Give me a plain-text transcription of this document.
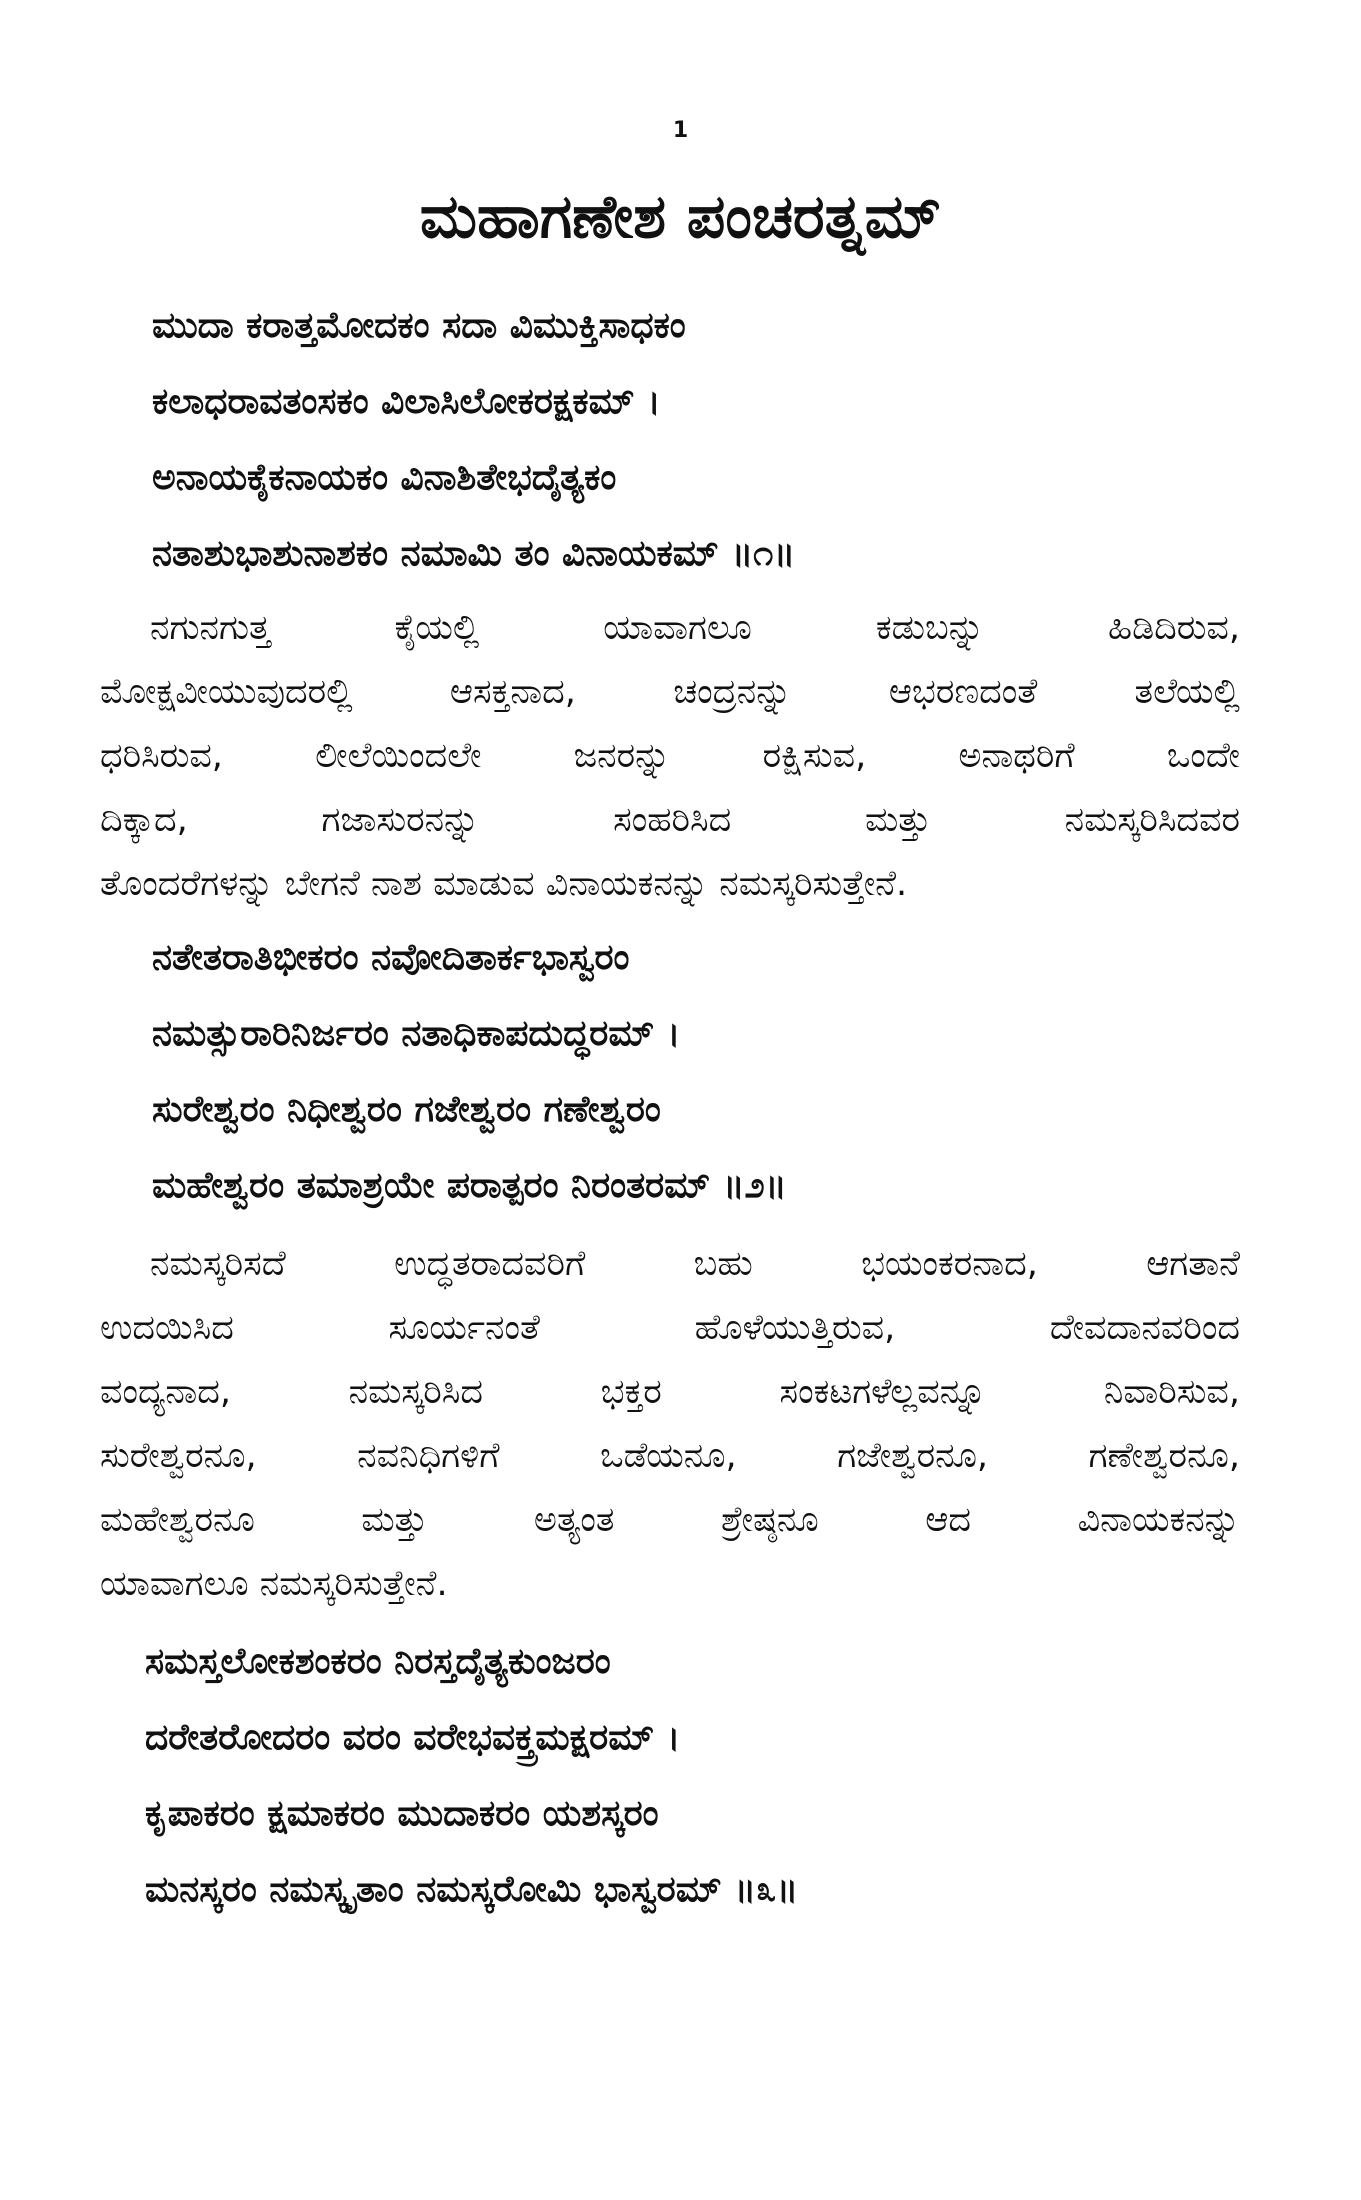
1
ಮಹಾಗಣೇಶ ಪಂಚರತ್ನಮ್
ಮುದಾ ಕರಾತ್ತಮೋದಕಂ ಸದಾ ವಿಮುಕ್ತಿಸಾಧಕಂ
ಕಲಾಧರಾವತಂಸಕಂ ವಿಲಾಸಿಲೋಕರಕ್ಷಕಮ್ ।
ಅನಾಯಕೈಕನಾಯಕಂ ವಿನಾಶಿತೇಭದೈತ್ಯಕಂ
ನತಾಶುಭಾಶುನಾಶಕಂ ನಮಾಮಿ ತಂ ವಿನಾಯಕಮ್ ॥೧॥
ನಗುನಗುತ್ತ ಕೈಯಲ್ಲಿ ಯಾವಾಗಲೂ ಕಡುಬನ್ನು ಹಿಡಿದಿರುವ,
ಮೋಕ್ಷವೀಯುವುದರಲ್ಲಿ ಆಸಕ್ತನಾದ, ಚಂದ್ರನನ್ನು ಆಭರಣದಂತೆ ತಲೆಯಲ್ಲಿ
ಧರಿಸಿರುವ, ಲೀಲೆಯಿಂದಲೇ ಜನರನ್ನು ರಕ್ಷಿಸುವ, ಅನಾಥರಿಗೆ ಒಂದೇ
ದಿಕ್ಕಾದ, ಗಜಾಸುರನನ್ನು ಸಂಹರಿಸಿದ ಮತ್ತು ನಮಸ್ಕರಿಸಿದವರ
ತೊಂದರೆಗಳನ್ನು ಬೇಗನೆ ನಾಶ ಮಾಡುವ ವಿನಾಯಕನನ್ನು ನಮಸ್ಕರಿಸುತ್ತೇನೆ.
ನತೇತರಾತಿಭೀಕರಂ ನವೋದಿತಾರ್ಕಭಾಸ್ವರಂ
ನಮತ್ಸುರಾರಿನಿರ್ಜರಂ ನತಾಧಿಕಾಪದುದ್ಧರಮ್ ।
ಸುರೇಶ್ವರಂ ನಿಧೀಶ್ವರಂ ಗಜೇಶ್ವರಂ ಗಣೇಶ್ವರಂ
ಮಹೇಶ್ವರಂ ತಮಾಶ್ರಯೇ ಪರಾತ್ಪರಂ ನಿರಂತರಮ್ ॥೨॥
ನಮಸ್ಕರಿಸದೆ ಉದ್ಧತರಾದವರಿಗೆ ಬಹು ಭಯಂಕರನಾದ, ಆಗತಾನೆ
ಉದಯಿಸಿದ ಸೂರ್ಯನಂತೆ ಹೊಳೆಯುತ್ತಿರುವ, ದೇವದಾನವರಿಂದ
ವಂದ್ಯನಾದ, ನಮಸ್ಕರಿಸಿದ ಭಕ್ತರ ಸಂಕಟಗಳೆಲ್ಲವನ್ನೂ ನಿವಾರಿಸುವ,
ಸುರೇಶ್ವರನೂ, ನವನಿಧಿಗಳಿಗೆ ಒಡೆಯನೂ, ಗಜೇಶ್ವರನೂ, ಗಣೇಶ್ವರನೂ,
ಮಹೇಶ್ವರನೂ ಮತ್ತು ಅತ್ಯಂತ ಶ್ರೇಷ್ಠನೂ ಆದ ವಿನಾಯಕನನ್ನು
ಯಾವಾಗಲೂ ನಮಸ್ಕರಿಸುತ್ತೇನೆ.
ಸಮಸ್ತಲೋಕಶಂಕರಂ ನಿರಸ್ತದೈತ್ಯಕುಂಜರಂ
ದರೇತರೋದರಂ ವರಂ ವರೇಭವಕ್ತ್ರಮಕ್ಷರಮ್ ।
ಕೃಪಾಕರಂ ಕ್ಷಮಾಕರಂ ಮುದಾಕರಂ ಯಶಸ್ಕರಂ
ಮನಸ್ಕರಂ ನಮಸ್ಕೃತಾಂ ನಮಸ್ಕರೋಮಿ ಭಾಸ್ವರಮ್ ॥೩॥
